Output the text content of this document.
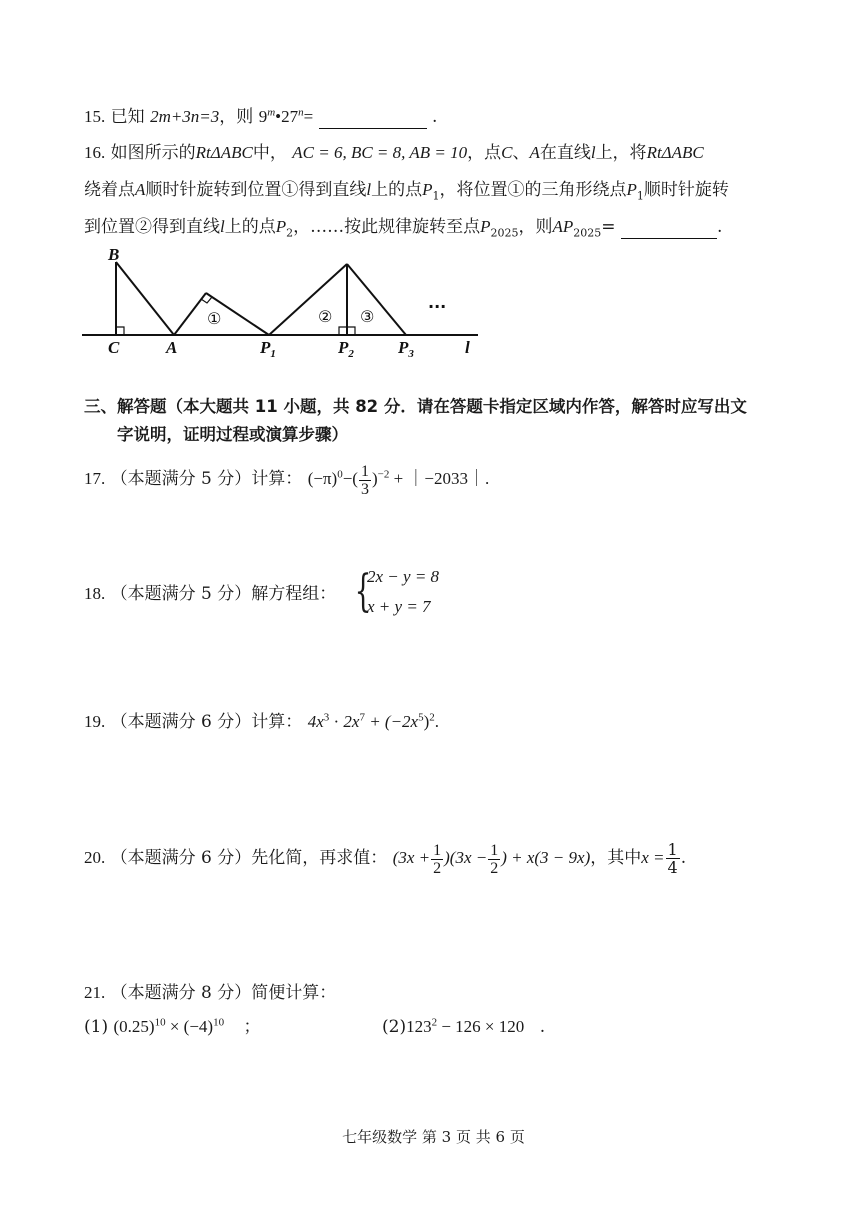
15. 已知 2m+3n=3，则 $9^m•27^n=$	.
16. 如图所示的RtΔABC中， AC = 6, BC = 8, AB = 10，点C、A在直线l上，将RtΔABC
绕着点A顺时针旋转到位置①得到直线l上的点$P_1$，将位置①的三角形绕点$P_1$顺时针旋转
到位置②得到直线l上的点$P_2$，……按此规律旋转至点$P_{2025}$，则$AP_{2025}=$	.
B
C	A	$P_1$	$P_2$	$P_3$	l
①	② ③
···
三、解答题（本大题共 11 小题，共 82 分．请在答题卡指定区域内作答，解答时应写出文
字说明，证明过程或演算步骤）
17. （本题满分 5 分）计算： $(-\pi)^0-( \frac{1}{3} )^{-2}$ + ｜−2033｜.
18. （本题满分 5 分）解方程组： {
2x − y = 8
x + y = 7
19. （本题满分 6 分）计算： $4x^3 \cdot 2x^7 + (-2x^5)^2$.
20. （本题满分 6 分）先化简，再求值： $(3x + \frac{1}{2} )(3x - \frac{1}{2}$ ) + x(3 − 9x)，其中$x = \frac{1}{4}$ .
21. （本题满分 8 分）简便计算：
(1) $(0.25)^{10} \times (-4)^{10}$ ；	$(2)123^2 - 126 \times 120$ .
七年级数学 第 3 页 共 6 页
